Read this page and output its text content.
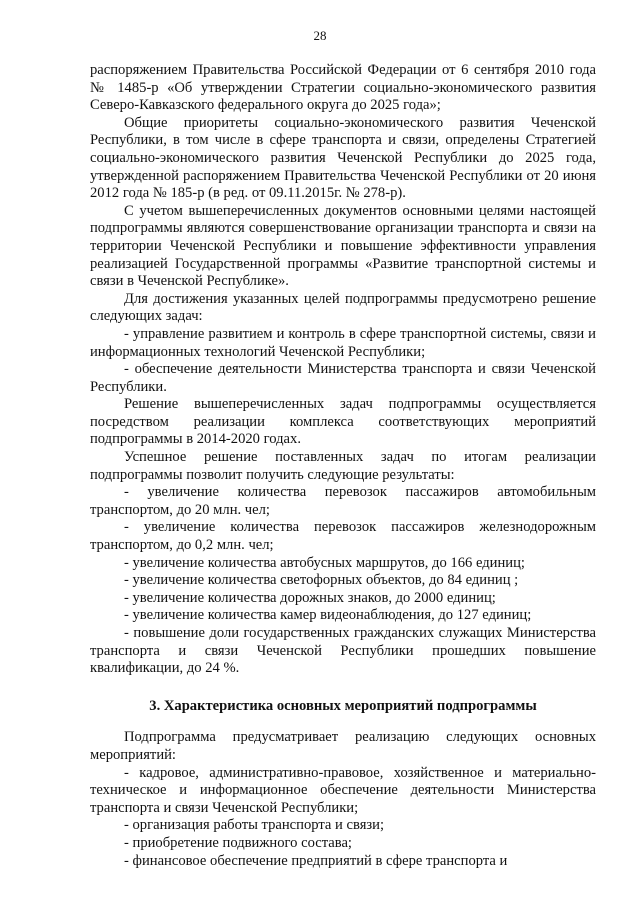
28

распоряжением Правительства Российской Федерации от 6 сентября 2010 года № 1485-р «Об утверждении Стратегии социально-экономического развития Северо-Кавказского федерального округа до 2025 года»;

Общие приоритеты социально-экономического развития Чеченской Республики, в том числе в сфере транспорта и связи, определены Стратегией социально-экономического развития Чеченской Республики до 2025 года, утвержденной распоряжением Правительства Чеченской Республики от 20 июня 2012 года № 185-р (в ред. от 09.11.2015г. № 278-р).

С учетом вышеперечисленных документов основными целями настоящей подпрограммы являются совершенствование организации транспорта и связи на территории Чеченской Республики и повышение эффективности управления реализацией Государственной программы «Развитие транспортной системы и связи в Чеченской Республике».

Для достижения указанных целей подпрограммы предусмотрено решение следующих задач:

- управление развитием и контроль в сфере транспортной системы, связи и информационных технологий Чеченской Республики;

- обеспечение деятельности Министерства транспорта и связи Чеченской Республики.

Решение вышеперечисленных задач подпрограммы осуществляется посредством реализации комплекса соответствующих мероприятий подпрограммы в 2014-2020 годах.

Успешное решение поставленных задач по итогам реализации подпрограммы позволит получить следующие результаты:

- увеличение количества перевозок пассажиров автомобильным транспортом, до 20 млн. чел;

- увеличение количества перевозок пассажиров железнодорожным транспортом, до 0,2 млн. чел;

- увеличение количества автобусных маршрутов, до 166 единиц;

- увеличение количества светофорных объектов, до 84 единиц ;

- увеличение количества дорожных знаков, до 2000 единиц;

- увеличение количества камер видеонаблюдения, до 127 единиц;

- повышение доли государственных гражданских служащих Министерства транспорта и связи Чеченской Республики прошедших повышение квалификации, до 24 %.

3. Характеристика основных мероприятий подпрограммы

Подпрограмма предусматривает реализацию следующих основных мероприятий:

- кадровое, административно-правовое, хозяйственное и материально-техническое и информационное обеспечение деятельности Министерства транспорта и связи Чеченской Республики;

- организация работы транспорта и связи;

- приобретение подвижного состава;

- финансовое обеспечение предприятий в сфере транспорта и
